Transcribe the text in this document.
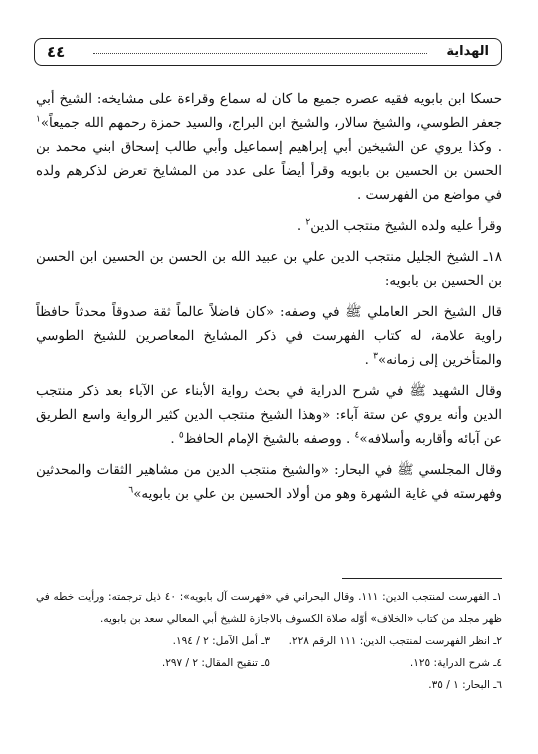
الهداية
٤٤

حسكا ابن بابويه فقيه عصره جميع ما كان له سماع وقراءة على مشايخه: الشيخ أبي جعفر الطوسي، والشيخ سالار، والشيخ ابن البراج، والسيد حمزة رحمهم الله جميعاً»$^١$ . وكذا يروي عن الشيخين أبي إبراهيم إسماعيل وأبي طالب إسحاق ابني محمد بن الحسن بن الحسين بن بابويه وقرأ أيضاً على عدد من المشايخ تعرض لذكرهم ولده في مواضع من الفهرست .

وقرأ عليه ولده الشيخ منتجب الدين$^٢$ .

١٨ـ الشيخ الجليل منتجب الدين علي بن عبيد الله بن الحسن بن الحسين ابن الحسن بن الحسين بن بابويه:

قال الشيخ الحر العاملي ﷺ في وصفه: «كان فاضلاً عالماً ثقة صدوقاً محدثاً حافظاً راوية علامة، له كتاب الفهرست في ذكر المشايخ المعاصرين للشيخ الطوسي والمتأخرين إلى زمانه»$^٣$ .

وقال الشهيد ﷺ في شرح الدراية في بحث رواية الأبناء عن الآباء بعد ذكر منتجب الدين وأنه يروي عن ستة آباء: «وهذا الشيخ منتجب الدين كثير الرواية واسع الطريق عن آبائه وأقاربه وأسلافه»$^٤$ . ووصفه بالشيخ الإمام الحافظ$^٥$ .

وقال المجلسي ﷺ في البحار: «والشيخ منتجب الدين من مشاهير الثقات والمحدثين وفهرسته في غاية الشهرة وهو من أولاد الحسين بن علي بن بابويه»$^٦$

١ـ الفهرست لمنتجب الدين: ١١١. وقال البحراني في «فهرست آل بابويه»: ٤٠ ذيل ترجمته: ورأيت خطه في ظهر مجلد من كتاب «الخلاف» أوّله صلاة الكسوف بالاجازة للشيخ أبي المعالي سعد بن بابويه.

٢ـ انظر الفهرست لمنتجب الدين: ١١١ الرقم ٢٢٨.
٣ـ أمل الآمل: ٢ / ١٩٤.
٤ـ شرح الدراية: ١٢٥.
٥ـ تنقيح المقال: ٢ / ٢٩٧.
٦ـ البحار: ١ / ٣٥.
